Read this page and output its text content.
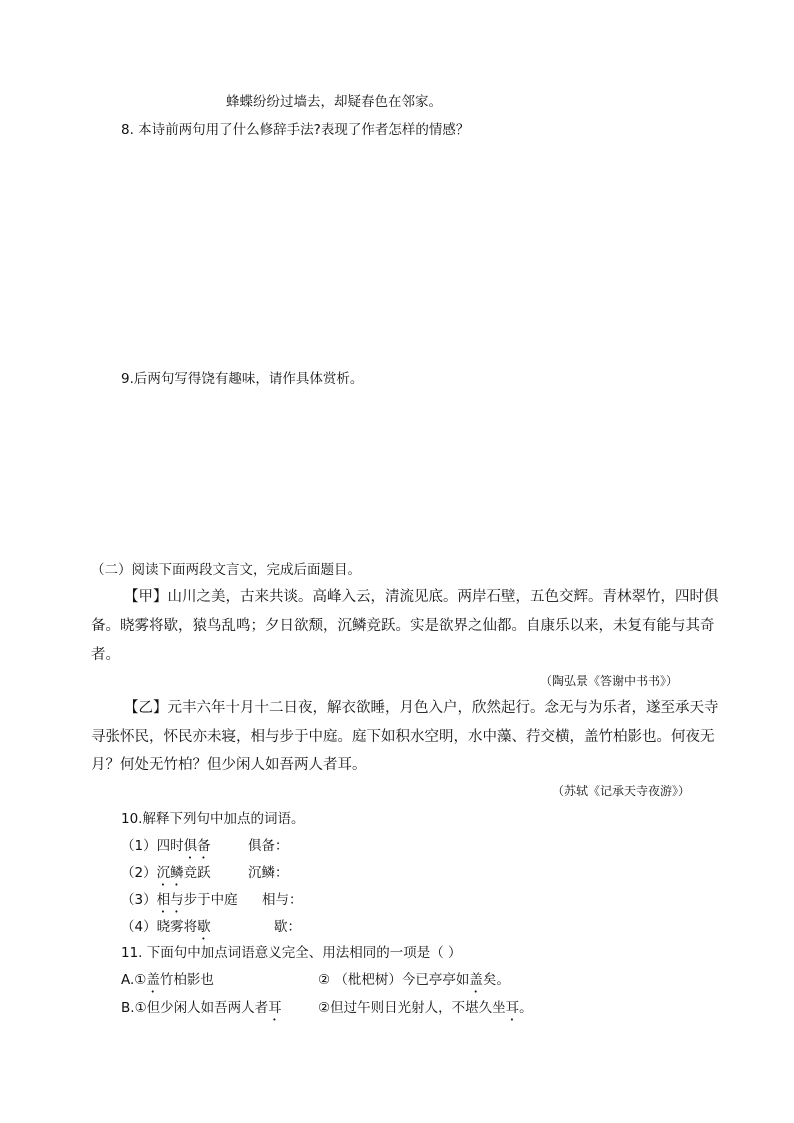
蜂蝶纷纷过墙去，却疑春色在邻家。
8. 本诗前两句用了什么修辞手法?表现了作者怎样的情感？
9.后两句写得饶有趣味，请作具体赏析。
（二）阅读下面两段文言文，完成后面题目。
【甲】山川之美，古来共谈。高峰入云，清流见底。两岸石壁，五色交辉。青林翠竹，四时俱
备。晓雾将歇，猿鸟乱鸣；夕日欲颓，沉鳞竞跃。实是欲界之仙都。自康乐以来，未复有能与其奇
者。
（陶弘景《答谢中书书》）
【乙】元丰六年十月十二日夜，解衣欲睡，月色入户，欣然起行。念无与为乐者，遂至承天寺
寻张怀民，怀民亦未寝，相与步于中庭。庭下如积水空明，水中藻、荇交横，盖竹柏影也。何夜无
月？何处无竹柏？但少闲人如吾两人者耳。
（苏轼《记承天寺夜游》）
10.解释下列句中加点的词语。
（1）四时俱备	俱备：
（2）沉鳞竞跃	沉鳞：
（3）相与步于中庭 相与：
（4）晓雾将歇	歇：
11. 下面句中加点词语意义完全、用法相同的一项是（ ）
A.①盖竹柏影也	② （枇杷树）今已亭亭如盖矣。
B.①但少闲人如吾两人者耳	②但过午则日光射人，不堪久坐耳。
